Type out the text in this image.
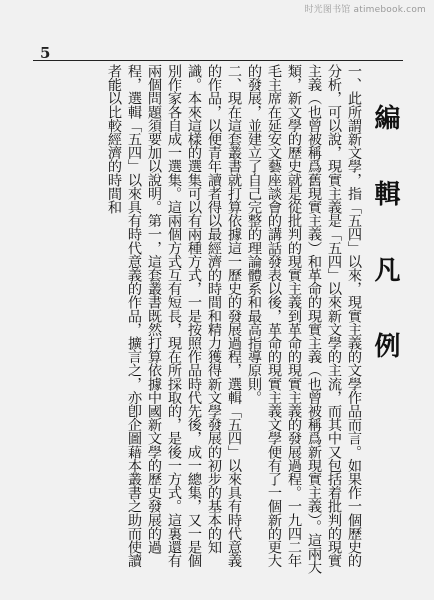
时光图书馆 atimebook.com
5
編 輯 凡 例

一、此所謂新文學，指「五四」以來，現實主義的文學作品而言。如果作一個歷史的分析，可以說，現實主義是「五四」以來新文學的主流，而其中又包括着批判的現實主義（也曾被稱爲舊現實主義）和革命的現實主義（也曾被稱爲新現實主義）。這兩大類，新文學的歷史就是從批判的現實主義到革命的現實主義的發展過程。一九四二年毛主席在延安文藝座談會的講話發表以後，革命的現實主義文學便有了一個新的更大的發展，並建立了自己完整的理論體系和最高指導原則。

二、現在這套叢書就打算依據這一歷史的發展過程，選輯「五四」以來具有時代意義的作品，以便青年讀者得以最經濟的時間和精力獲得新文學發展的初步的基本的知識。本來這樣的選集可以有兩種方式，一是按照作品時代先後，成一總集，又一是個別作家各自成一選集。這兩個方式互有短長，現在所採取的，是後一方式。這裏還有兩個問題須要加以說明。第一，這套叢書既然打算依據中國新文學的歷史發展的過程，選輯「五四」以來具有時代意義的作品，擴言之，亦卽企圖藉本叢書之助而使讀者能以比較經濟的時間和
